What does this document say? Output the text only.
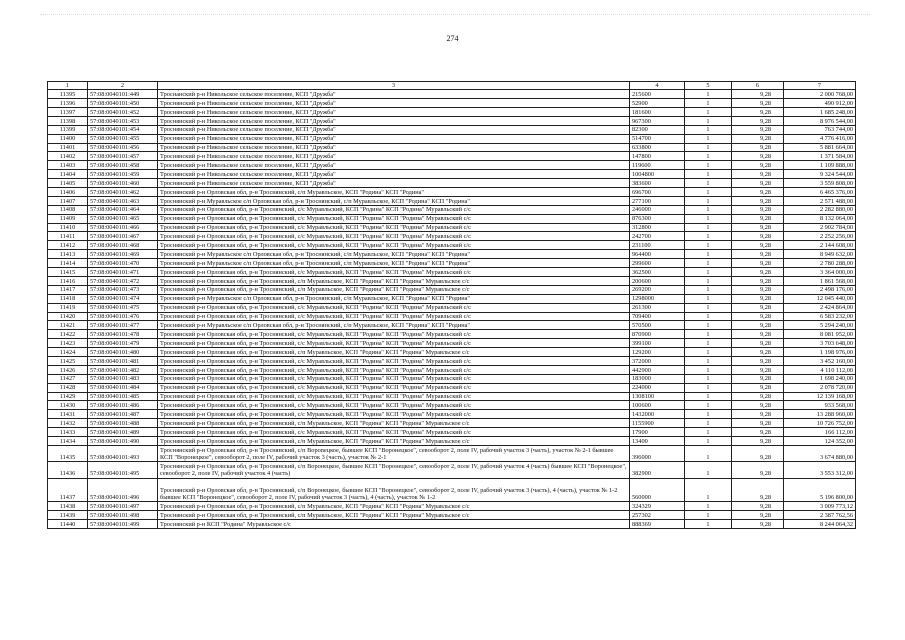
274
1	2	3	4	5	6	7
11395	57:08:0040101:449	Тросна́нский р-н Никольское сельское поселение, КСП "Дружба"	215600	1	9,28	2 000 768,00
11396	57:08:0040101:450	Троснянский р-н Никольское сельское поселение, КСП "Дружба"	52900	1	9,28	490 912,00
11397	57:08:0040101:452	Троснянский р-н Никольское сельское поселение, КСП "Дружба"	181600	1	9,28	1 685 248,00
11398	57:08:0040101:453	Троснянский р-н Никольское сельское поселение, КСП "Дружба"	967300	1	9,28	8 976 544,00
11399	57:08:0040101:454	Троснянский р-н Никольское сельское поселение, КСП "Дружба"	82300	1	9,28	763 744,00
11400	57:08:0040101:455	Троснянский р-н Никольское сельское поселение, КСП "Дружба"	514700	1	9,28	4 776 416,00
11401	57:08:0040101:456	Троснянский р-н Никольское сельское поселение, КСП "Дружба"	633800	1	9,28	5 881 664,00
11402	57:08:0040101:457	Троснянский р-н Никольское сельское поселение, КСП "Дружба"	147800	1	9,28	1 371 584,00
11403	57:08:0040101:458	Троснянский р-н Никольское сельское поселение, КСП "Дружба"	119600	1	9,28	1 109 888,00
11404	57:08:0040101:459	Троснянский р-н Никольское сельское поселение, КСП "Дружба"	1004800	1	9,28	9 324 544,00
11405	57:08:0040101:460	Троснянский р-н Никольское сельское поселение, КСП "Дружба"	383600	1	9,28	3 559 808,00
11406	57:08:0040101:462	Троснянский р-н Орловская обл, р-н Троснянский, с/п Муравльское, КСП "Родина" КСП "Родина"	696700	1	9,28	6 465 376,00
11407	57:08:0040101:463	Троснянский р-н Муравльское с/п Орловская обл, р-н Троснянский, с/п Муравльское, КСП "Родина" КСП "Родина"	277100	1	9,28	2 571 488,00
11408	57:08:0040101:464	Троснянский р-н Орловская обл, р-н Троснянский, с/с Муравльский, КСП "Родина" КСП "Родина" Муравльский с/с	246000	1	9,28	2 282 880,00
11409	57:08:0040101:465	Троснянский р-н Орловская обл, р-н Троснянский, с/с Муравльский, КСП "Родина" КСП "Родина" Муравльский с/с	876300	1	9,28	8 132 064,00
11410	57:08:0040101:466	Троснянский р-н Орловская обл, р-н Троснянский, с/с Муравльский, КСП "Родина" КСП "Родина" Муравльский с/с	312800	1	9,28	2 902 784,00
11411	57:08:0040101:467	Троснянский р-н Орловская обл, р-н Троснянский, с/с Муравльский, КСП "Родина" КСП "Родина" Муравльский с/с	242700	1	9,28	2 252 256,00
11412	57:08:0040101:468	Троснянский р-н Орловская обл, р-н Троснянский, с/с Муравльский, КСП "Родина" КСП "Родина" Муравльский с/с	231100	1	9,28	2 144 608,00
11413	57:08:0040101:469	Троснянский р-н Муравльское с/п Орловская обл, р-н Троснянский, с/п Муравльское, КСП "Родина" КСП "Родина"	964400	1	9,28	8 949 632,00
11414	57:08:0040101:470	Троснянский р-н Муравльское с/п Орловская обл, р-н Троснянский, с/п Муравльское, КСП "Родина" КСП "Родина"	299600	1	9,28	2 780 288,00
11415	57:08:0040101:471	Троснянский р-н Орловская обл, р-н Троснянский, с/с Муравльский, КСП "Родина" КСП "Родина" Муравльский с/с	362500	1	9,28	3 364 000,00
11416	57:08:0040101:472	Троснянский р-н Орловская обл, р-н Троснянский, с/п Муравльское, КСП "Родина" КСП "Родина" Муравльское с/с	200600	1	9,28	1 861 568,00
11417	57:08:0040101:473	Троснянский р-н Орловская обл, р-н Троснянский, с/п Муравльское, КСП "Родина" КСП "Родина" Муравльское с/с	269200	1	9,28	2 498 176,00
11418	57:08:0040101:474	Троснянский р-н Муравльское с/п Орловская обл, р-н Троснянский, с/п Муравльское, КСП "Родина" КСП "Родина"	1298000	1	9,28	12 045 440,00
11419	57:08:0040101:475	Троснянский р-н Орловская обл, р-н Троснянский, с/с Муравльский, КСП "Родина" КСП "Родина" Муравльский с/с	261300	1	9,28	2 424 864,00
11420	57:08:0040101:476	Троснянский р-н Орловская обл, р-н Троснянский, с/с Муравльский, КСП "Родина" КСП "Родина" Муравльский с/с	709400	1	9,28	6 583 232,00
11421	57:08:0040101:477	Троснянский р-н Муравльское с/п Орловская обл, р-н Троснянский, с/п Муравльское, КСП "Родина" КСП "Родина"	570500	1	9,28	5 294 240,00
11422	57:08:0040101:478	Троснянский р-н Орловская обл, р-н Троснянский, с/с Муравльский, КСП "Родина" КСП "Родина" Муравльский с/с	870900	1	9,28	8 081 952,00
11423	57:08:0040101:479	Троснянский р-н Орловская обл, р-н Троснянский, с/с Муравльский, КСП "Родина" КСП "Родина" Муравльский с/с	399100	1	9,28	3 703 648,00
11424	57:08:0040101:480	Троснянский р-н Орловская обл, р-н Троснянский, с/п Муравльское, КСП "Родина" КСП "Родина" Муравльское с/с	129200	1	9,28	1 198 976,00
11425	57:08:0040101:481	Троснянский р-н Орловская обл, р-н Троснянский, с/с Муравльский, КСП "Родина" КСП "Родина" Муравльский с/с	372000	1	9,28	3 452 160,00
11426	57:08:0040101:482	Троснянский р-н Орловская обл, р-н Троснянский, с/с Муравльский, КСП "Родина" КСП "Родина" Муравльский с/с	442900	1	9,28	4 110 112,00
11427	57:08:0040101:483	Троснянский р-н Орловская обл, р-н Троснянский, с/с Муравльский, КСП "Родина" КСП "Родина" Муравльский с/с	183000	1	9,28	1 698 240,00
11428	57:08:0040101:484	Троснянский р-н Орловская обл, р-н Троснянский, с/с Муравльский, КСП "Родина" КСП "Родина" Муравльский с/с	224000	1	9,28	2 078 720,00
11429	57:08:0040101:485	Троснянский р-н Орловская обл, р-н Троснянский, с/с Муравльский, КСП "Родина" КСП "Родина" Муравльский с/с	1308100	1	9,28	12 139 168,00
11430	57:08:0040101:486	Троснянский р-н Орловская обл, р-н Троснянский, с/с Муравльский, КСП "Родина" КСП "Родина" Муравльский с/с	100600	1	9,28	933 568,00
11431	57:08:0040101:487	Троснянский р-н Орловская обл, р-н Троснянский, с/с Муравльский, КСП "Родина" КСП "Родина" Муравльский с/с	1432000	1	9,28	13 288 960,00
11432	57:08:0040101:488	Троснянский р-н Орловская обл, р-н Троснянский, с/п Муравльское, КСП "Родина" КСП "Родина" Муравльское с/с	1155900	1	9,28	10 726 752,00
11433	57:08:0040101:489	Троснянский р-н Орловская обл, р-н Троснянский, с/с Муравльский, КСП "Родина" КСП "Родина" Муравльский с/с	17900	1	9,28	166 112,00
11434	57:08:0040101:490	Троснянский р-н Орловская обл, р-н Троснянский, с/п Муравльское, КСП "Родина" КСП "Родина" Муравльское с/с	13400	1	9,28	124 352,00
11435	57:08:0040101:493	Троснянский р-н Орловская обл, р-н Троснянский, с/п Вороneцкое, бывшее КСП "Воронецкое", севооборот 2, поле IV, рабочий участок 3 (часть), участок № 2-1 бывшее КСП "Воронецкое", севооборот 2, поле IV, рабочий участок 3 (часть), участок № 2-1	396000	1	9,28	3 674 880,00
11436	57:08:0040101:495	Троснянский р-н Орловская обл, р-н Троснянский, с/п Воронецкое, бывшее КСП "Воронецкое", севооборот 2, поле IV, рабочий участок 4 (часть) бывшее КСП "Воронецкое", севооборот 2, поле IV, рабочий участок 4 (часть)	382900	1	9,28	3 553 312,00
11437	57:08:0040101:496	Троснянский р-н Орловская обл, р-н Троснянский, с/п Воронецкое, бывшее КСП "Воронецкое", севооборот 2, поле IV, рабочий участок 3 (часть), 4 (часть), участок № 1-2 бывшее КСП "Воронецкое", севооборот 2, поле IV, рабочий участок 3 (часть), 4 (часть), участок № 1-2	560000	1	9,28	5 196 800,00
11438	57:08:0040101:497	Троснянский р-н Орловская обл, р-н Троснянский, с/п Муравльское, КСП "Родина" КСП "Родина" Муравльское с/с	324329	1	9,28	3 009 773,12
11439	57:08:0040101:498	Троснянский р-н Орловская обл, р-н Троснянский, с/п Муравльское, КСП "Родина" КСП "Родина" Муравльское с/с	257302	1	9,28	2 387 762,56
11440	57:08:0040101:499	Троснянский р-н КСП "Родина" Муравльское с/с	888369	1	9,28	8 244 064,32
